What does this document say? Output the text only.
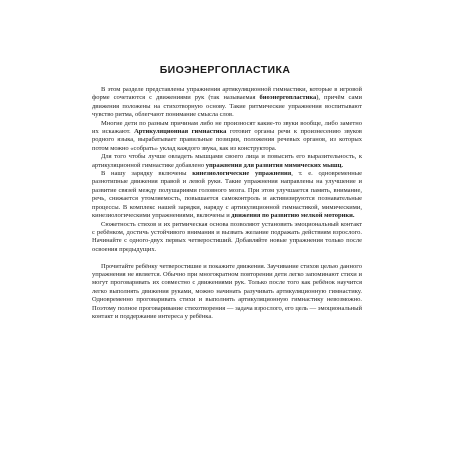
БИОЭНЕРГОПЛАСТИКА

В этом разделе представлены упражнения артикуляционной гимнастики, которые в игровой форме сочетаются с движениями рук (так называемая биоэнергопластика), причём сами движения положены на стихотворную основу. Такие ритмические упражнения воспитывают чувство ритма, облегчают понимание смысла слов.

Многие дети по разным причинам либо не произносят какие-то звуки вообще, либо заметно их искажают. Артикуляционная гимнастика готовит органы речи к произнесению звуков родного языка, вырабатывает правильные позиции, положения речевых органов, из которых потом можно «собрать» уклад каждого звука, как из конструктора.

Для того чтобы лучше овладеть мышцами своего лица и повысить его выразительность, к артикуляционной гимнастике добавлено упражнения для развития мимических мышц.

В нашу зарядку включены кинезиологические упражнения, т. е. одновременные разнотипные движения правой и левой руки. Такие упражнения направлены на улучшение и развитие связей между полушариями головного мозга. При этом улучшается память, внимание, речь, снижается утомляемость, повышается самоконтроль и активизируются познавательные процессы. В комплекс нашей зарядки, наряду с артикуляционной гимнастикой, мимическими, кинезиологическими упражнениями, включены и движения по развитию мелкой моторики.

Сюжетность стихов и их ритмическая основа позволяют установить эмоциональный контакт с ребёнком, достичь устойчивого внимания и вызвать желание подражать действиям взрослого. Начинайте с одного-двух первых четверостиший. Добавляйте новые упражнения только после освоения предыдущих.

Прочитайте ребёнку четверостишие и покажите движения. Заучивание стихов целью данного упражнения не является. Обычно при многократном повторении дети легко запоминают стихи и могут проговаривать их совместно с движениями рук. Только после того как ребёнок научится легко выполнять движения руками, можно начинать разучивать артикуляционную гимнастику. Одновременно проговаривать стихи и выполнять артикуляционную гимнастику невозможно. Поэтому полное проговаривание стихотворения — задача взрослого, его цель — эмоциональный контакт и поддержание интереса у ребёнка.
